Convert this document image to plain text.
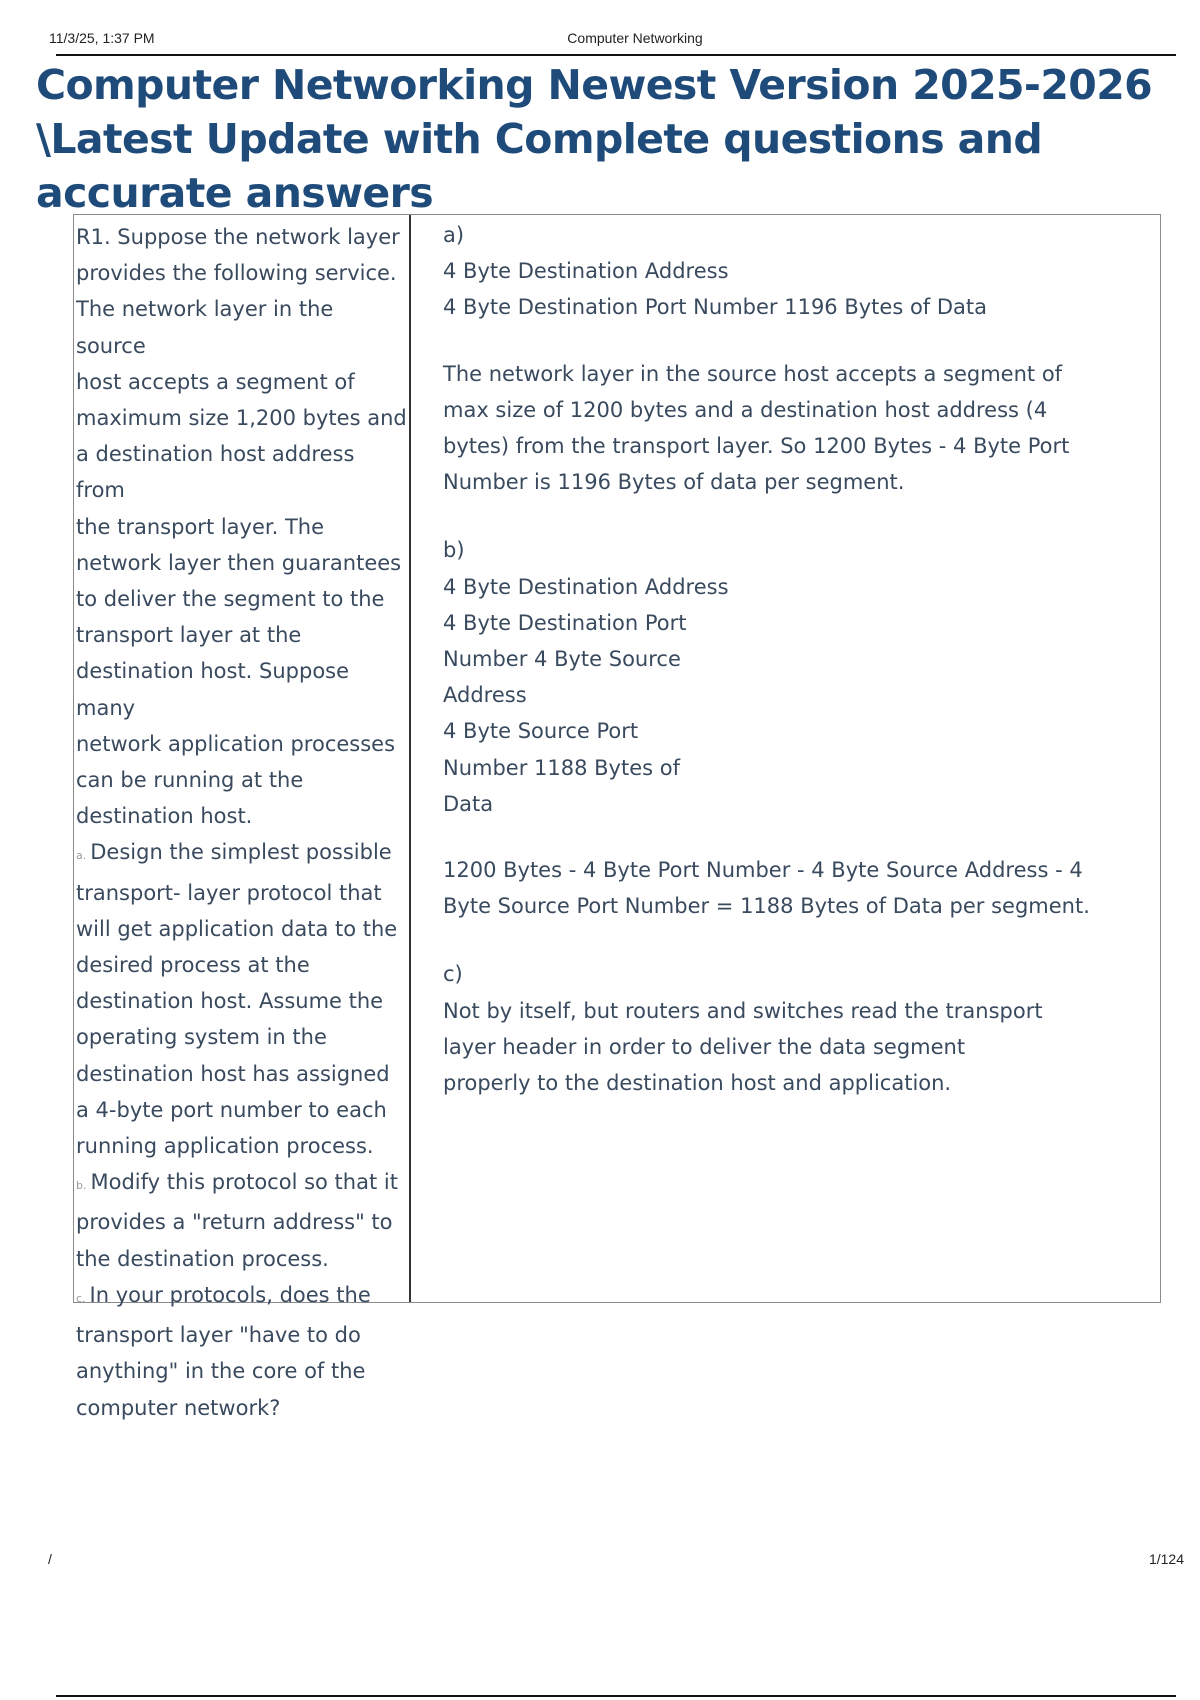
11/3/25, 1:37 PM	Computer Networking
Computer Networking Newest Version 2025-2026 \Latest Update with Complete questions and accurate answers

R1. Suppose the network layer

provides the following service.

The network layer in the source

host accepts a segment of

maximum size 1,200 bytes and

a destination host address from

the transport layer. The

network layer then guarantees

to deliver the segment to the

transport layer at the

destination host. Suppose many

network application processes

can be running at the

destination host.

a. Design the simplest possible

transport- layer protocol that

will get application data to the

desired process at the

destination host. Assume the

operating system in the

destination host has assigned

a 4-byte port number to each

running application process.

b. Modify this protocol so that it

provides a "return address" to

the destination process.

c. In your protocols, does the

transport layer "have to do

anything" in the core of the

computer network?

a)

4 Byte Destination Address

4 Byte Destination Port Number 1196 Bytes of Data

The network layer in the source host accepts a segment of

max size of 1200 bytes and a destination host address (4

bytes) from the transport layer. So 1200 Bytes - 4 Byte Port

Number is 1196 Bytes of data per segment.

b)

4 Byte Destination Address

4 Byte Destination Port

Number 4 Byte Source

Address

4 Byte Source Port

Number 1188 Bytes of

Data

1200 Bytes - 4 Byte Port Number - 4 Byte Source Address - 4

Byte Source Port Number = 1188 Bytes of Data per segment.

c)

Not by itself, but routers and switches read the transport

layer header in order to deliver the data segment

properly to the destination host and application.

/	1/124
